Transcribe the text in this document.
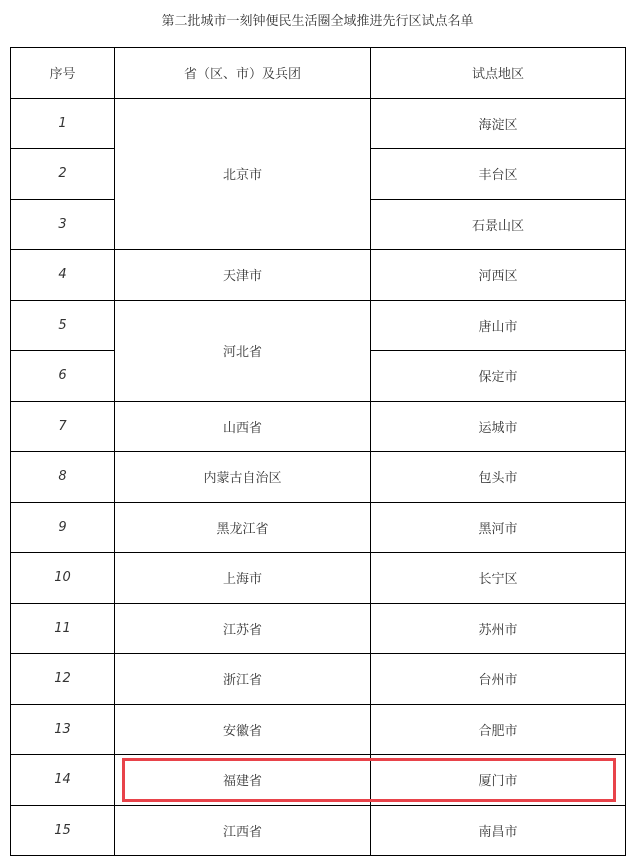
第二批城市一刻钟便民生活圈全域推进先行区试点名单
序号	省（区、市）及兵团	试点地区
1	北京市	海淀区
2		丰台区
3		石景山区
4	天津市	河西区
5	河北省	唐山市
6		保定市
7	山西省	运城市
8	内蒙古自治区	包头市
9	黑龙江省	黑河市
10	上海市	长宁区
11	江苏省	苏州市
12	浙江省	台州市
13	安徽省	合肥市
14	福建省	厦门市
15	江西省	南昌市
